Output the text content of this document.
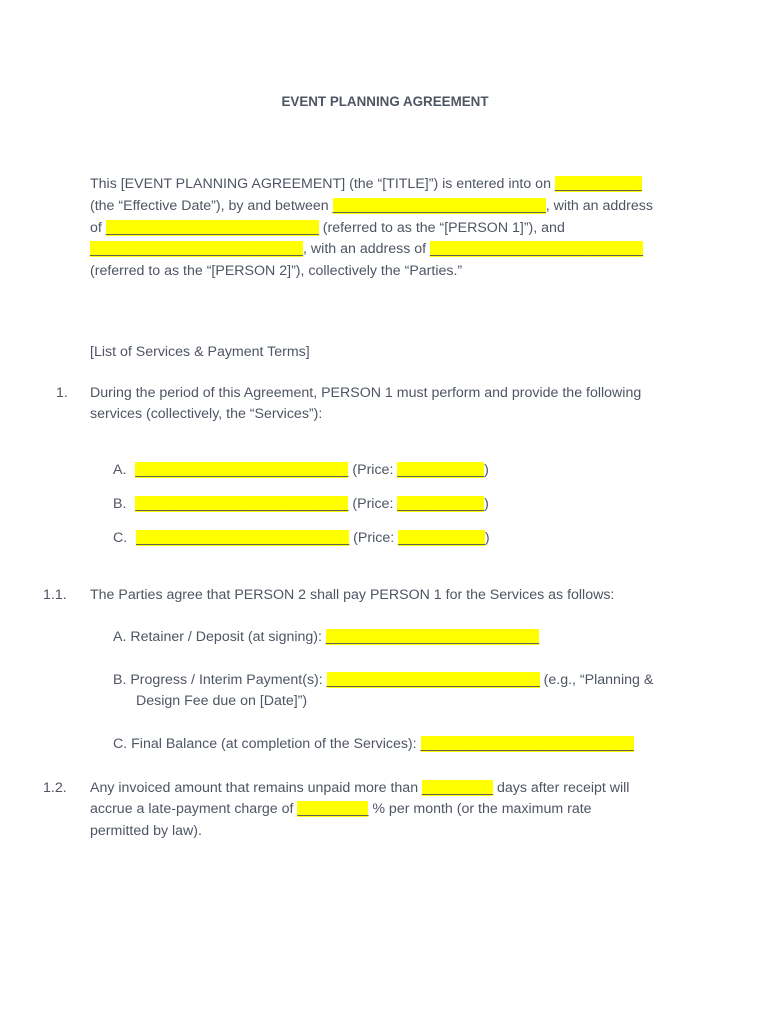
EVENT PLANNING AGREEMENT
This [EVENT PLANNING AGREEMENT] (the “[TITLE]”) is entered into on ___________
(the “Effective Date”), by and between ___________________________, with an address
of ___________________________ (referred to as the “[PERSON 1]”), and
___________________________, with an address of ___________________________
(referred to as the “[PERSON 2]”), collectively the “Parties.”
[List of Services & Payment Terms]
1. During the period of this Agreement, PERSON 1 must perform and provide the following
services (collectively, the “Services”):
A. ___________________________ (Price: ___________)
B. ___________________________ (Price: ___________)
C. ___________________________ (Price: ___________)
1.1. The Parties agree that PERSON 2 shall pay PERSON 1 for the Services as follows:
A. Retainer / Deposit (at signing): ___________________________
B. Progress / Interim Payment(s): ___________________________ (e.g., “Planning &
Design Fee due on [Date]”)
C. Final Balance (at completion of the Services): ___________________________
1.2. Any invoiced amount that remains unpaid more than _________ days after receipt will
accrue a late-payment charge of _________ % per month (or the maximum rate
permitted by law).
